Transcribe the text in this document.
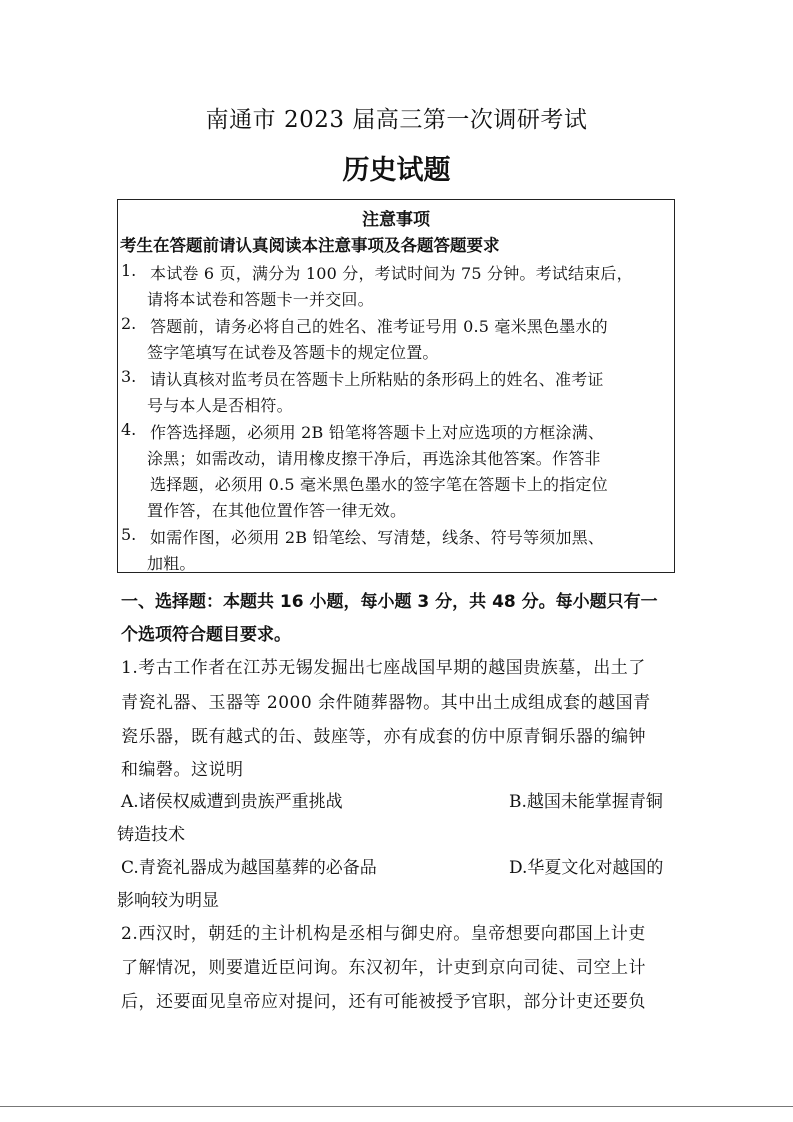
南通市 2023 届高三第一次调研考试
历史试题
注意事项
考生在答题前请认真阅读本注意事项及各题答题要求
1. 本试卷 6 页，满分为 100 分，考试时间为 75 分钟。考试结束后，
请将本试卷和答题卡一并交回。
2. 答题前，请务必将自己的姓名、准考证号用 0.5 毫米黑色墨水的
签字笔填写在试卷及答题卡的规定位置。
3. 请认真核对监考员在答题卡上所粘贴的条形码上的姓名、准考证
号与本人是否相符。
4. 作答选择题，必须用 2B 铅笔将答题卡上对应选项的方框涂满、
涂黑；如需改动，请用橡皮擦干净后，再选涂其他答案。作答非
选择题，必须用 0.5 毫米黑色墨水的签字笔在答题卡上的指定位
置作答，在其他位置作答一律无效。
5. 如需作图，必须用 2B 铅笔绘、写清楚，线条、符号等须加黑、
加粗。
一、选择题：本题共 16 小题，每小题 3 分，共 48 分。每小题只有一
个选项符合题目要求。
1.考古工作者在江苏无锡发掘出七座战国早期的越国贵族墓，出土了
青瓷礼器、玉器等 2000 余件随葬器物。其中出土成组成套的越国青
瓷乐器，既有越式的缶、鼓座等，亦有成套的仿中原青铜乐器的编钟
和编磬。这说明
A.诸侯权威遭到贵族严重挑战	B.越国未能掌握青铜
铸造技术
C.青瓷礼器成为越国墓葬的必备品	D.华夏文化对越国的
影响较为明显
2.西汉时，朝廷的主计机构是丞相与御史府。皇帝想要向郡国上计吏
了解情况，则要遣近臣问询。东汉初年，计吏到京向司徒、司空上计
后，还要面见皇帝应对提问，还有可能被授予官职，部分计吏还要负
